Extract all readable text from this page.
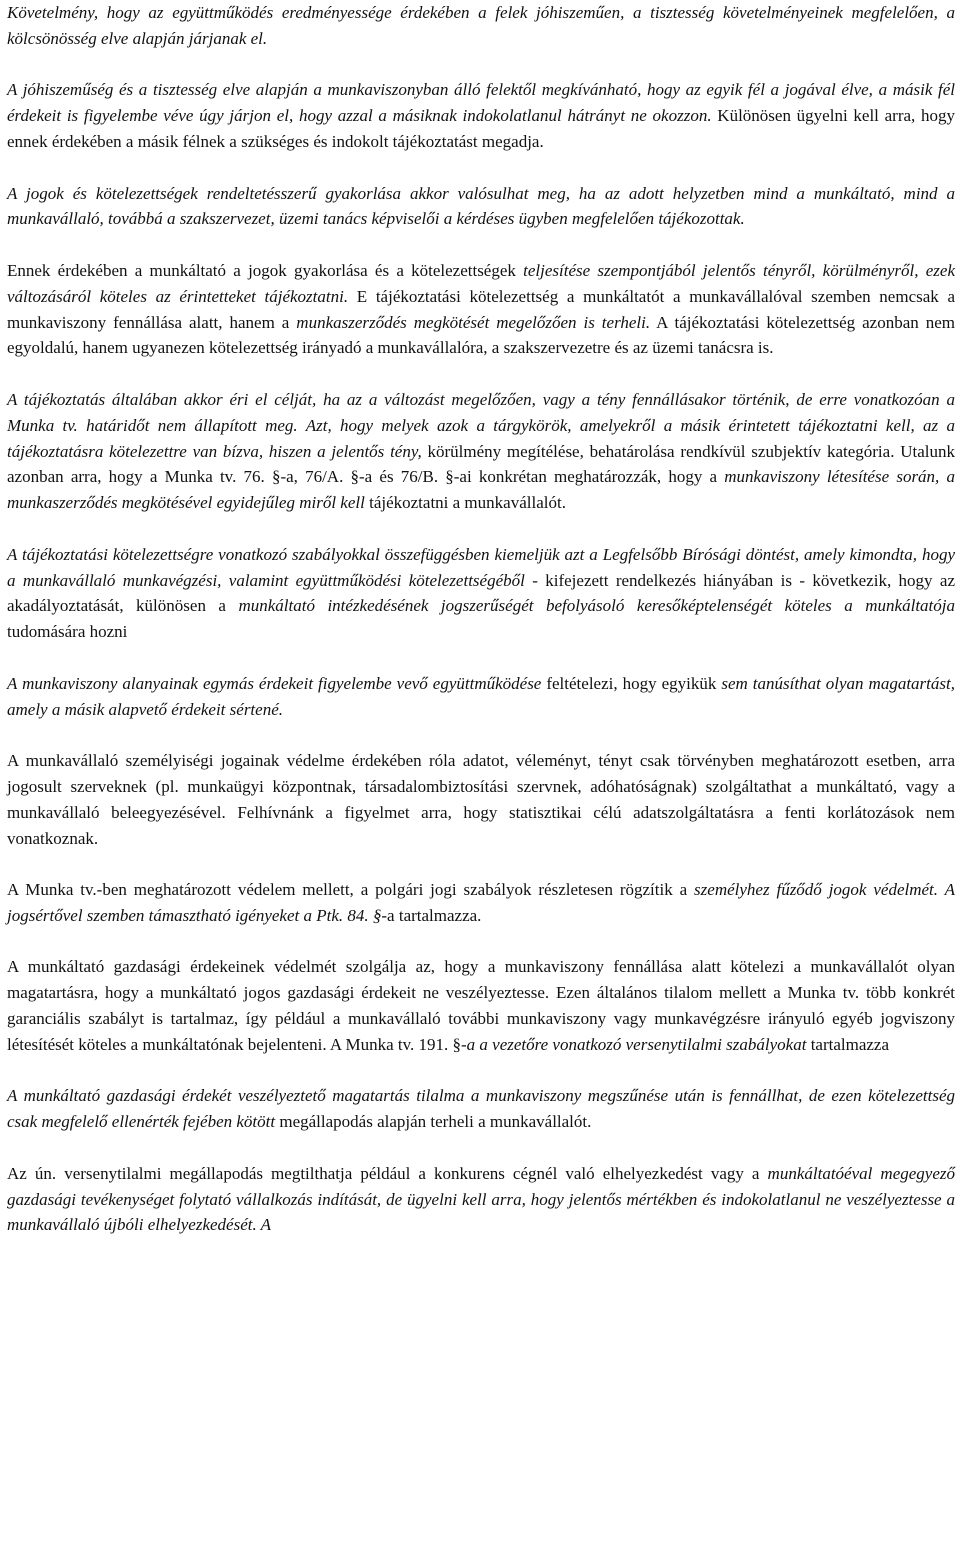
Követelmény, hogy az együttműködés eredményessége érdekében a felek jóhiszeműen, a tisztesség követelményeinek megfelelően, a kölcsönösség elve alapján járjanak el.

A jóhiszeműség és a tisztesség elve alapján a munkaviszonyban álló felektől megkívánható, hogy az egyik fél a jogával élve, a másik fél érdekeit is figyelembe véve úgy járjon el, hogy azzal a másiknak indokolatlanul hátrányt ne okozzon. Különösen ügyelni kell arra, hogy ennek érdekében a másik félnek a szükséges és indokolt tájékoztatást megadja.

A jogok és kötelezettségek rendeltetésszerű gyakorlása akkor valósulhat meg, ha az adott helyzetben mind a munkáltató, mind a munkavállaló, továbbá a szakszervezet, üzemi tanács képviselői a kérdéses ügyben megfelelően tájékozottak.

Ennek érdekében a munkáltató a jogok gyakorlása és a kötelezettségek teljesítése szempontjából jelentős tényről, körülményről, ezek változásáról köteles az érintetteket tájékoztatni. E tájékoztatási kötelezettség a munkáltatót a munkavállalóval szemben nemcsak a munkaviszony fennállása alatt, hanem a munkaszerződés megkötését megelőzően is terheli. A tájékoztatási kötelezettség azonban nem egyoldalú, hanem ugyanezen kötelezettség irányadó a munkavállalóra, a szakszervezetre és az üzemi tanácsra is.

A tájékoztatás általában akkor éri el célját, ha az a változást megelőzően, vagy a tény fennállásakor történik, de erre vonatkozóan a Munka tv. határidőt nem állapított meg. Azt, hogy melyek azok a tárgykörök, amelyekről a másik érintetett tájékoztatni kell, az a tájékoztatásra kötelezettre van bízva, hiszen a jelentős tény, körülmény megítélése, behatárolása rendkívül szubjektív kategória. Utalunk azonban arra, hogy a Munka tv. 76. §-a, 76/A. §-a és 76/B. §-ai konkrétan meghatározzák, hogy a munkaviszony létesítése során, a munkaszerződés megkötésével egyidejűleg miről kell tájékoztatni a munkavállalót.

A tájékoztatási kötelezettségre vonatkozó szabályokkal összefüggésben kiemeljük azt a Legfelsőbb Bírósági döntést, amely kimondta, hogy a munkavállaló munkavégzési, valamint együttműködési kötelezettségéből - kifejezett rendelkezés hiányában is - következik, hogy az akadályoztatását, különösen a munkáltató intézkedésének jogszerűségét befolyásoló keresőképtelenségét köteles a munkáltatója tudomására hozni

A munkaviszony alanyainak egymás érdekeit figyelembe vevő együttműködése feltételezi, hogy egyikük sem tanúsíthat olyan magatartást, amely a másik alapvető érdekeit sértené.

A munkavállaló személyiségi jogainak védelme érdekében róla adatot, véleményt, tényt csak törvényben meghatározott esetben, arra jogosult szerveknek (pl. munkaügyi központnak, társadalombiztosítási szervnek, adóhatóságnak) szolgáltathat a munkáltató, vagy a munkavállaló beleegyezésével. Felhívnánk a figyelmet arra, hogy statisztikai célú adatszolgáltatásra a fenti korlátozások nem vonatkoznak.

A Munka tv.-ben meghatározott védelem mellett, a polgári jogi szabályok részletesen rögzítik a személyhez fűződő jogok védelmét. A jogsértővel szemben támasztható igényeket a Ptk. 84. §-a tartalmazza.

A munkáltató gazdasági érdekeinek védelmét szolgálja az, hogy a munkaviszony fennállása alatt kötelezi a munkavállalót olyan magatartásra, hogy a munkáltató jogos gazdasági érdekeit ne veszélyeztesse. Ezen általános tilalom mellett a Munka tv. több konkrét garanciális szabályt is tartalmaz, így például a munkavállaló további munkaviszony vagy munkavégzésre irányuló egyéb jogviszony létesítését köteles a munkáltatónak bejelenteni. A Munka tv. 191. §-a a vezetőre vonatkozó versenytilalmi szabályokat tartalmazza

A munkáltató gazdasági érdekét veszélyeztető magatartás tilalma a munkaviszony megszűnése után is fennállhat, de ezen kötelezettség csak megfelelő ellenérték fejében kötött megállapodás alapján terheli a munkavállalót.

Az ún. versenytilalmi megállapodás megtilthatja például a konkurens cégnél való elhelyezkedést vagy a munkáltatóéval megegyező gazdasági tevékenységet folytató vállalkozás indítását, de ügyelni kell arra, hogy jelentős mértékben és indokolatlanul ne veszélyeztesse a munkavállaló újbóli elhelyezkedését. A
